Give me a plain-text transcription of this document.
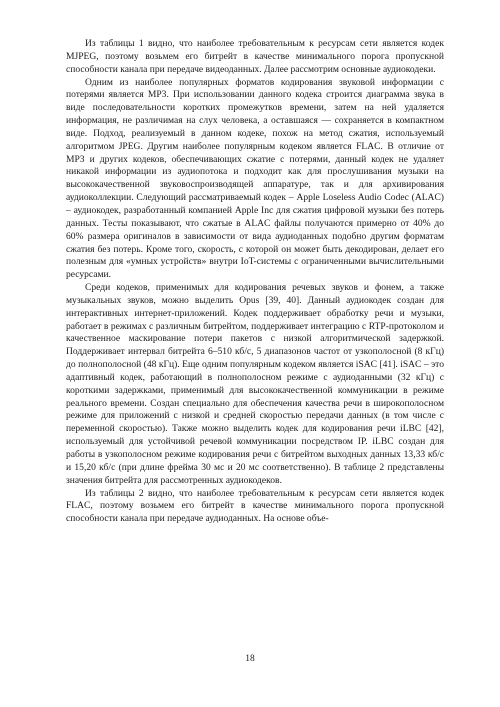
Из таблицы 1 видно, что наиболее требовательным к ресурсам сети является кодек MJPEG, поэтому возьмем его битрейт в качестве минимального порога пропускной способности канала при передаче видеоданных. Далее рассмотрим основные аудиокодеки.

Одним из наиболее популярных форматов кодирования звуковой информации с потерями является MP3. При использовании данного кодека строится диаграмма звука в виде последовательности коротких промежутков времени, затем на ней удаляется информация, не различимая на слух человека, а оставшаяся — сохраняется в компактном виде. Подход, реализуемый в данном кодеке, похож на метод сжатия, используемый алгоритмом JPEG. Другим наиболее популярным кодеком является FLAC. В отличие от MP3 и других кодеков, обеспечивающих сжатие с потерями, данный кодек не удаляет никакой информации из аудиопотока и подходит как для прослушивания музыки на высококачественной звуковоспроизводящей аппаратуре, так и для архивирования аудиоколлекции. Следующий рассматриваемый кодек – Apple Loseless Audio Codec (ALAC) – аудиокодек, разработанный компанией Apple Inc для сжатия цифровой музыки без потерь данных. Тесты показывают, что сжатые в ALAC файлы получаются примерно от 40% до 60% размера оригиналов в зависимости от вида аудиоданных подобно другим форматам сжатия без потерь. Кроме того, скорость, с которой он может быть декодирован, делает его полезным для «умных устройств» внутри IoT-системы с ограниченными вычислительными ресурсами.

Среди кодеков, применимых для кодирования речевых звуков и фонем, а также музыкальных звуков, можно выделить Opus [39, 40]. Данный аудиокодек создан для интерактивных интернет-приложений. Кодек поддерживает обработку речи и музыки, работает в режимах с различным битрейтом, поддерживает интеграцию с RTP-протоколом и качественное маскирование потери пакетов с низкой алгоритмической задержкой. Поддерживает интервал битрейта 6–510 кб/с, 5 диапазонов частот от узкополосной (8 кГц) до полнополосной (48 кГц). Еще одним популярным кодеком является iSAC [41]. iSAC – это адаптивный кодек, работающий в полнополосном режиме с аудиоданными (32 кГц) с короткими задержками, применимый для высококачественной коммуникации в режиме реального времени. Создан специально для обеспечения качества речи в широкополосном режиме для приложений с низкой и средней скоростью передачи данных (в том числе с переменной скоростью). Также можно выделить кодек для кодирования речи iLBC [42], используемый для устойчивой речевой коммуникации посредством IP. iLBC создан для работы в узкополосном режиме кодирования речи с битрейтом выходных данных 13,33 кб/с и 15,20 кб/с (при длине фрейма 30 мс и 20 мс соответственно). В таблице 2 представлены значения битрейта для рассмотренных аудиокодеков.

Из таблицы 2 видно, что наиболее требовательным к ресурсам сети является кодек FLAC, поэтому возьмем его битрейт в качестве минимального порога пропускной способности канала при передаче аудиоданных. На основе объе-

18
